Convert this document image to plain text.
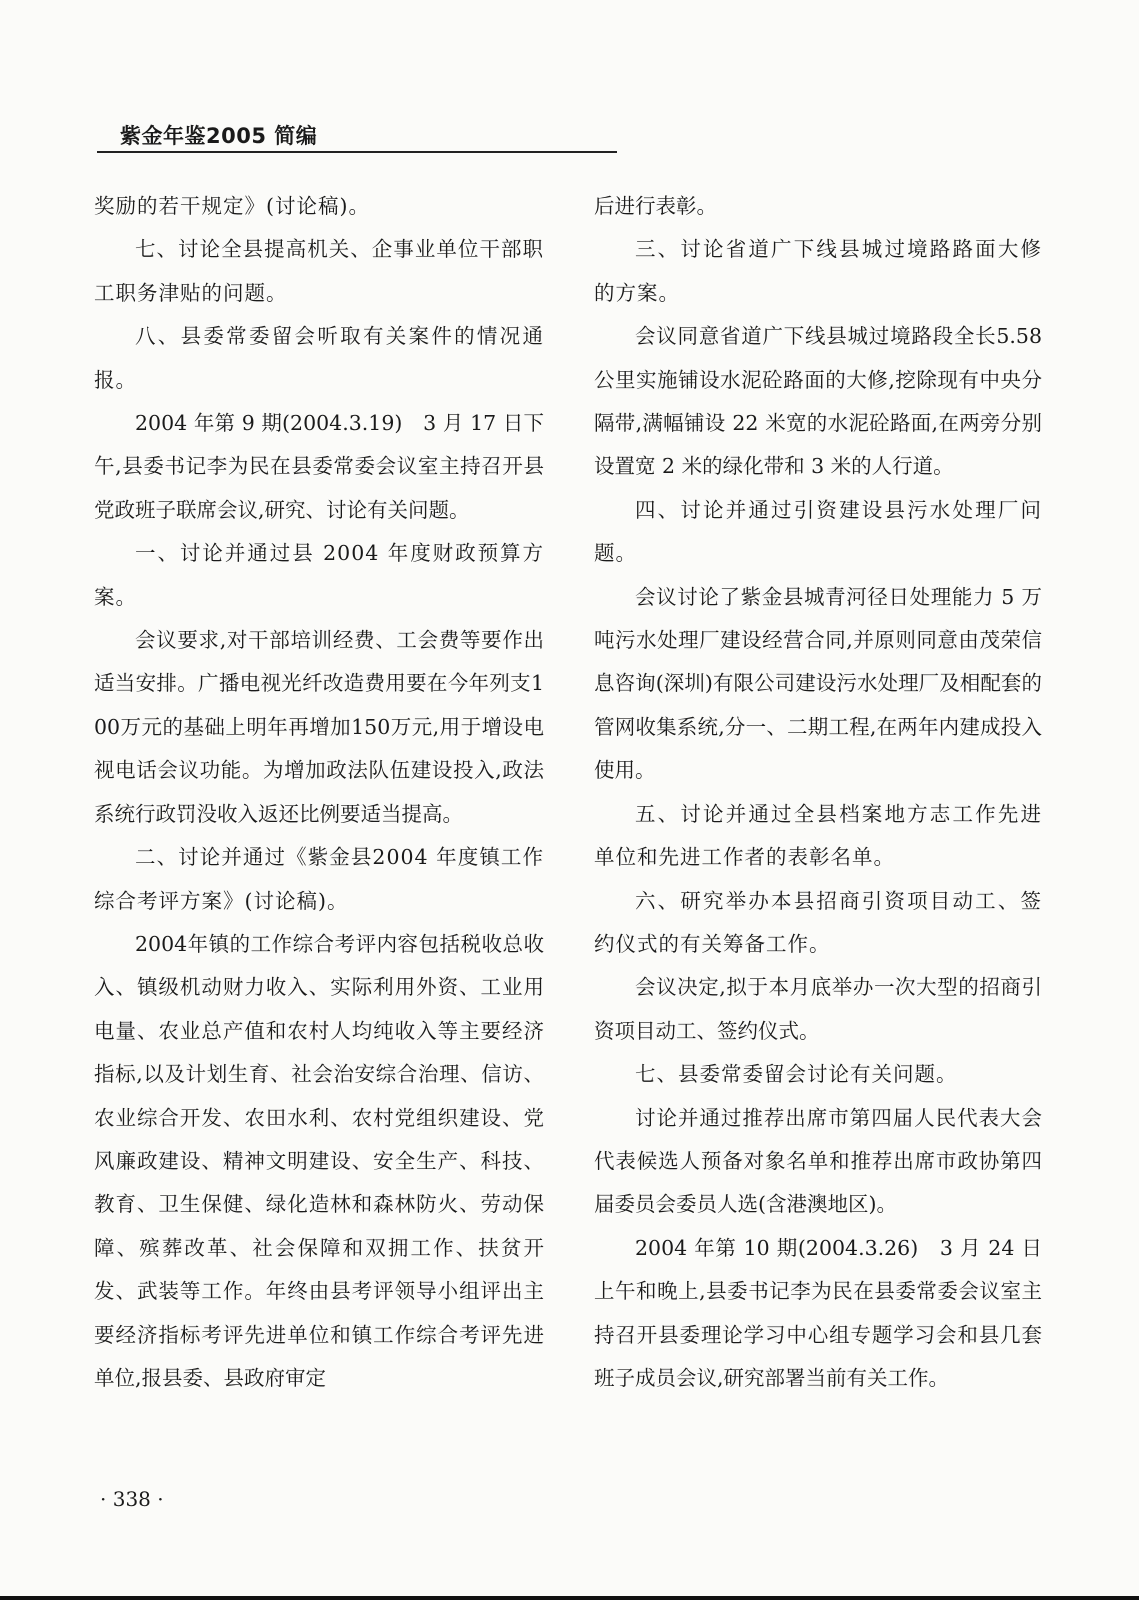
紫金年鉴2005 简编

奖励的若干规定》(讨论稿)。

七、讨论全县提高机关、企事业单位干部职工职务津贴的问题。

八、县委常委留会听取有关案件的情况通报。

2004 年第 9 期(2004.3.19)　3 月 17 日下午,县委书记李为民在县委常委会议室主持召开县党政班子联席会议,研究、讨论有关问题。

一、讨论并通过县 2004 年度财政预算方案。

会议要求,对干部培训经费、工会费等要作出适当安排。广播电视光纤改造费用要在今年列支100万元的基础上明年再增加150万元,用于增设电视电话会议功能。为增加政法队伍建设投入,政法系统行政罚没收入返还比例要适当提高。

二、讨论并通过《紫金县2004 年度镇工作综合考评方案》(讨论稿)。

2004年镇的工作综合考评内容包括税收总收入、镇级机动财力收入、实际利用外资、工业用电量、农业总产值和农村人均纯收入等主要经济指标,以及计划生育、社会治安综合治理、信访、农业综合开发、农田水利、农村党组织建设、党风廉政建设、精神文明建设、安全生产、科技、教育、卫生保健、绿化造林和森林防火、劳动保障、殡葬改革、社会保障和双拥工作、扶贫开发、武装等工作。年终由县考评领导小组评出主要经济指标考评先进单位和镇工作综合考评先进单位,报县委、县政府审定

后进行表彰。

三、讨论省道广下线县城过境路路面大修的方案。

会议同意省道广下线县城过境路段全长5.58公里实施铺设水泥砼路面的大修,挖除现有中央分隔带,满幅铺设 22 米宽的水泥砼路面,在两旁分别设置宽 2 米的绿化带和 3 米的人行道。

四、讨论并通过引资建设县污水处理厂问题。

会议讨论了紫金县城青河径日处理能力 5 万吨污水处理厂建设经营合同,并原则同意由茂荣信息咨询(深圳)有限公司建设污水处理厂及相配套的管网收集系统,分一、二期工程,在两年内建成投入使用。

五、讨论并通过全县档案地方志工作先进单位和先进工作者的表彰名单。

六、研究举办本县招商引资项目动工、签约仪式的有关筹备工作。

会议决定,拟于本月底举办一次大型的招商引资项目动工、签约仪式。

七、县委常委留会讨论有关问题。

讨论并通过推荐出席市第四届人民代表大会代表候选人预备对象名单和推荐出席市政协第四届委员会委员人选(含港澳地区)。

2004 年第 10 期(2004.3.26)　3 月 24 日上午和晚上,县委书记李为民在县委常委会议室主持召开县委理论学习中心组专题学习会和县几套班子成员会议,研究部署当前有关工作。

· 338 ·
